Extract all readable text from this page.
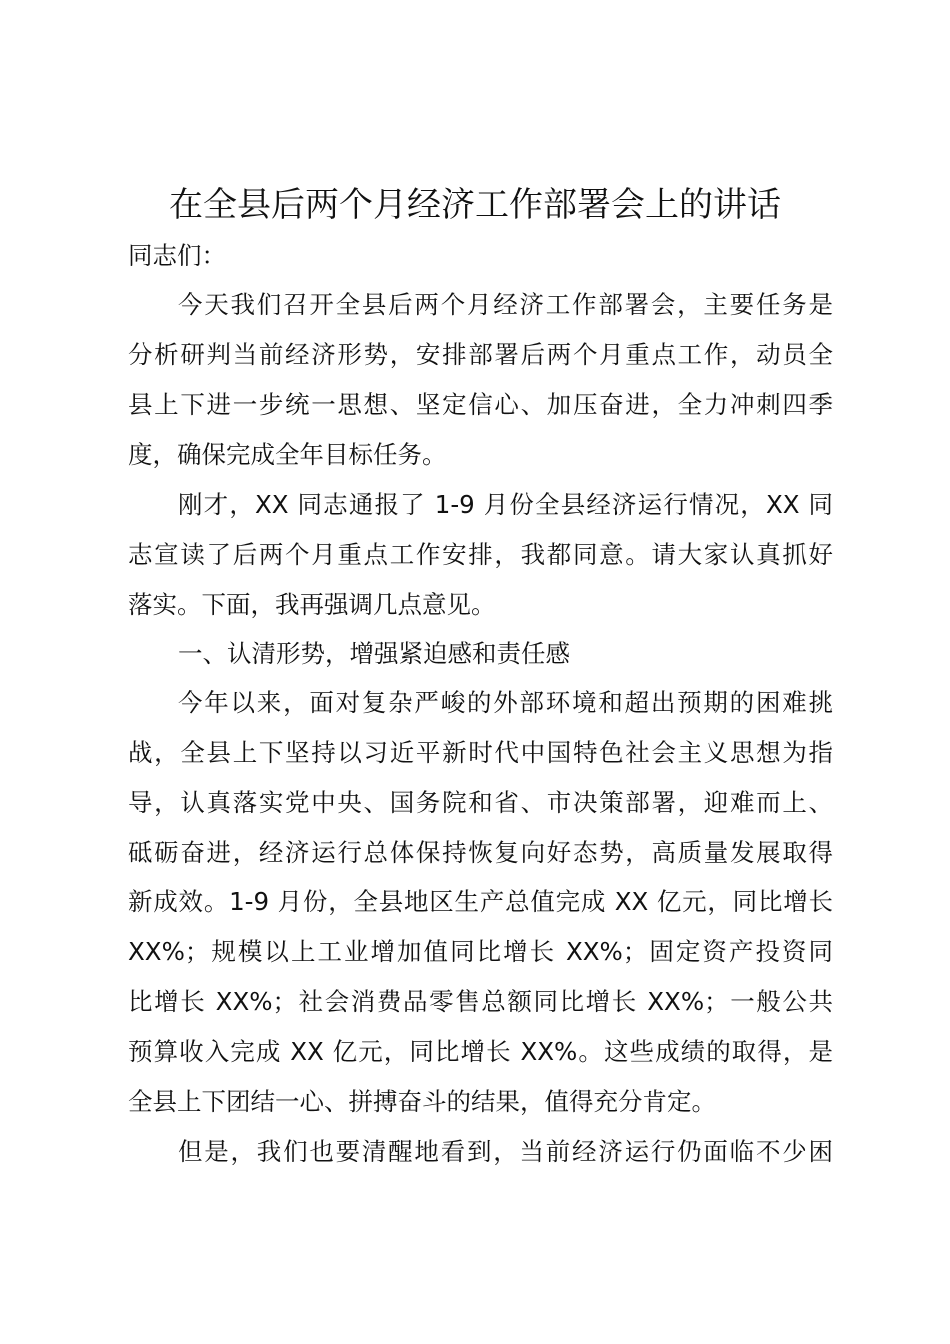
在全县后两个月经济工作部署会上的讲话
同志们：
今天我们召开全县后两个月经济工作部署会，主要任务是
分析研判当前经济形势，安排部署后两个月重点工作，动员全
县上下进一步统一思想、坚定信心、加压奋进，全力冲刺四季
度，确保完成全年目标任务。
刚才，XX 同志通报了 1-9 月份全县经济运行情况，XX 同
志宣读了后两个月重点工作安排，我都同意。请大家认真抓好
落实。下面，我再强调几点意见。
一、认清形势，增强紧迫感和责任感
今年以来，面对复杂严峻的外部环境和超出预期的困难挑
战，全县上下坚持以习近平新时代中国特色社会主义思想为指
导，认真落实党中央、国务院和省、市决策部署，迎难而上、
砥砺奋进，经济运行总体保持恢复向好态势，高质量发展取得
新成效。1-9 月份，全县地区生产总值完成 XX 亿元，同比增长
XX%；规模以上工业增加值同比增长 XX%；固定资产投资同
比增长 XX%；社会消费品零售总额同比增长 XX%；一般公共
预算收入完成 XX 亿元，同比增长 XX%。这些成绩的取得，是
全县上下团结一心、拼搏奋斗的结果，值得充分肯定。
但是，我们也要清醒地看到，当前经济运行仍面临不少困
